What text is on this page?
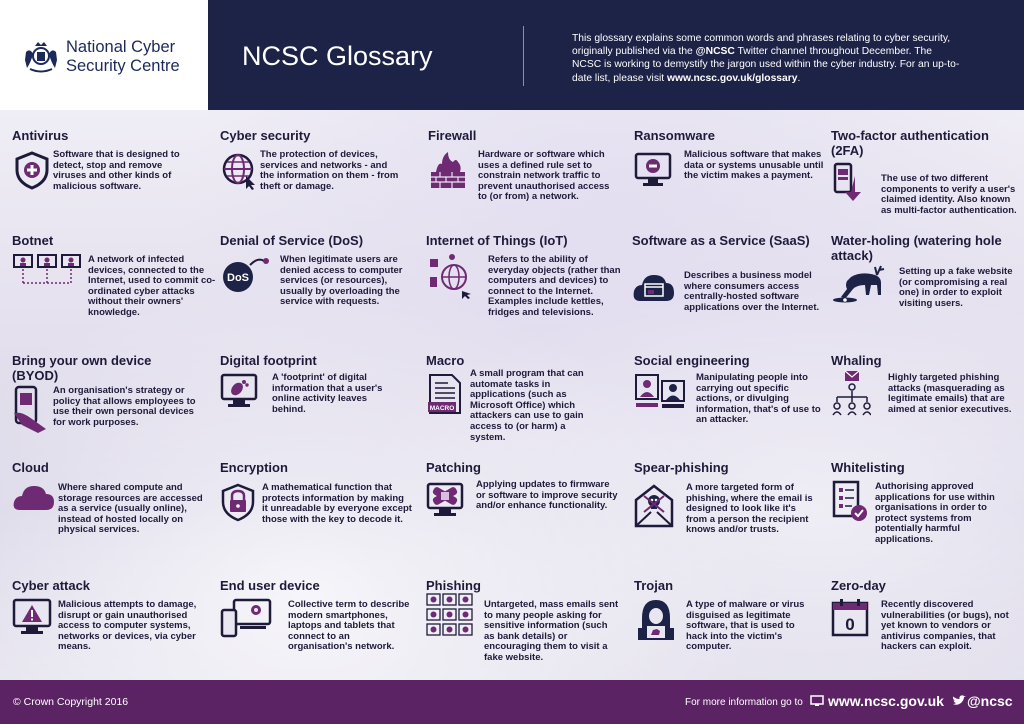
National Cyber
Security Centre	NCSC Glossary
This glossary explains some common words and phrases relating to cyber security, originally published via the @NCSC Twitter channel throughout December. The NCSC is working to demystify the jargon used within the cyber industry. For an up-to-date list, please visit www.ncsc.gov.uk/glossary.
Antivirus
Software that is designed to detect, stop and remove viruses and other kinds of malicious software.
Cyber security
The protection of devices, services and networks - and the information on them - from theft or damage.
Firewall
Hardware or software which uses a defined rule set to constrain network traffic to prevent unauthorised access to (or from) a network.
Ransomware
Malicious software that makes data or systems unusable until the victim makes a payment.
Two-factor authentication (2FA)
The use of two different components to verify a user's claimed identity. Also known as multi-factor authentication.
Botnet
A network of infected devices, connected to the Internet, used to commit co-ordinated cyber attacks without their owners' knowledge.
Denial of Service (DoS)
DoS
When legitimate users are denied access to computer services (or resources), usually by overloading the service with requests.
Internet of Things (IoT)
Refers to the ability of everyday objects (rather than computers and devices) to connect to the Internet. Examples include kettles, fridges and televisions.
Software as a Service (SaaS)
Describes a business model where consumers access centrally-hosted software applications over the Internet.
Water-holing (watering hole attack)
Setting up a fake website (or compromising a real one) in order to exploit visiting users.
Bring your own device (BYOD)
An organisation's strategy or policy that allows employees to use their own personal devices for work purposes.
Digital footprint
A 'footprint' of digital information that a user's online activity leaves behind.
Macro
MACRO
A small program that can automate tasks in applications (such as Microsoft Office) which attackers can use to gain access to (or harm) a system.
Social engineering
Manipulating people into carrying out specific actions, or divulging information, that's of use to an attacker.
Whaling
Highly targeted phishing attacks (masquerading as legitimate emails) that are aimed at senior executives.
Cloud
Where shared compute and storage resources are accessed as a service (usually online), instead of hosted locally on physical services.
Encryption
A mathematical function that protects information by making it unreadable by everyone except those with the key to decode it.
Patching
Applying updates to firmware or software to improve security and/or enhance functionality.
Spear-phishing
A more targeted form of phishing, where the email is designed to look like it's from a person the recipient knows and/or trusts.
Whitelisting
Authorising approved applications for use within organisations in order to protect systems from potentially harmful applications.
Cyber attack
Malicious attempts to damage, disrupt or gain unauthorised access to computer systems, networks or devices, via cyber means.
End user device
Collective term to describe modern smartphones, laptops and tablets that connect to an organisation's network.
Phishing
Untargeted, mass emails sent to many people asking for sensitive information (such as bank details) or encouraging them to visit a fake website.
Trojan
A type of malware or virus disguised as legitimate software, that is used to hack into the victim's computer.
Zero-day
0
Recently discovered vulnerabilities (or bugs), not yet known to vendors or antivirus companies, that hackers can exploit.
© Crown Copyright 2016	For more information go to www.ncsc.gov.uk @ncsc
